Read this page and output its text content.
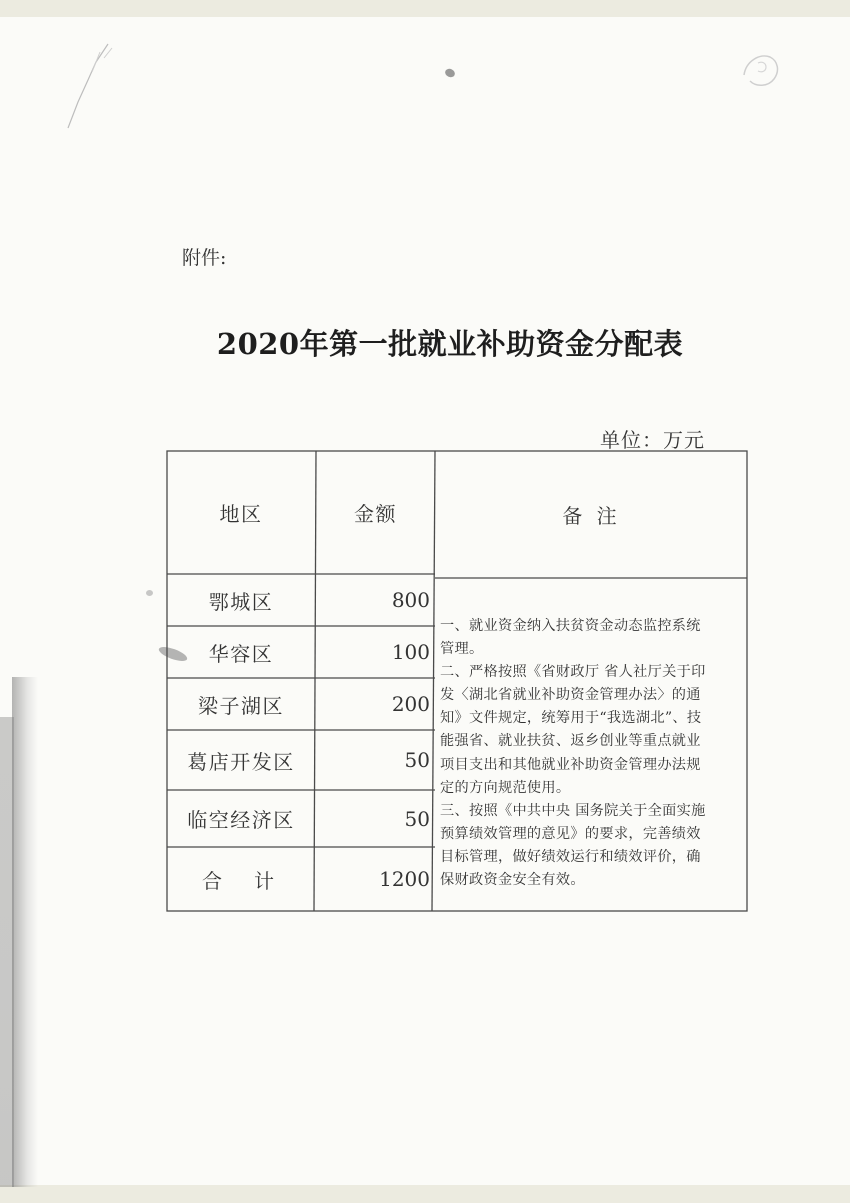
附件:
2020年第一批就业补助资金分配表
单位：万元
地区	金额	备 注
鄂城区	800
华容区	100
梁子湖区	200
葛店开发区	50
临空经济区	50
合　计	1200

一、就业资金纳入扶贫资金动态监控系统

管理。

二、严格按照《省财政厅 省人社厅关于印

发〈湖北省就业补助资金管理办法〉的通

知》文件规定，统筹用于“我选湖北”、技

能强省、就业扶贫、返乡创业等重点就业

项目支出和其他就业补助资金管理办法规

定的方向规范使用。

三、按照《中共中央 国务院关于全面实施

预算绩效管理的意见》的要求，完善绩效

目标管理，做好绩效运行和绩效评价，确

保财政资金安全有效。
